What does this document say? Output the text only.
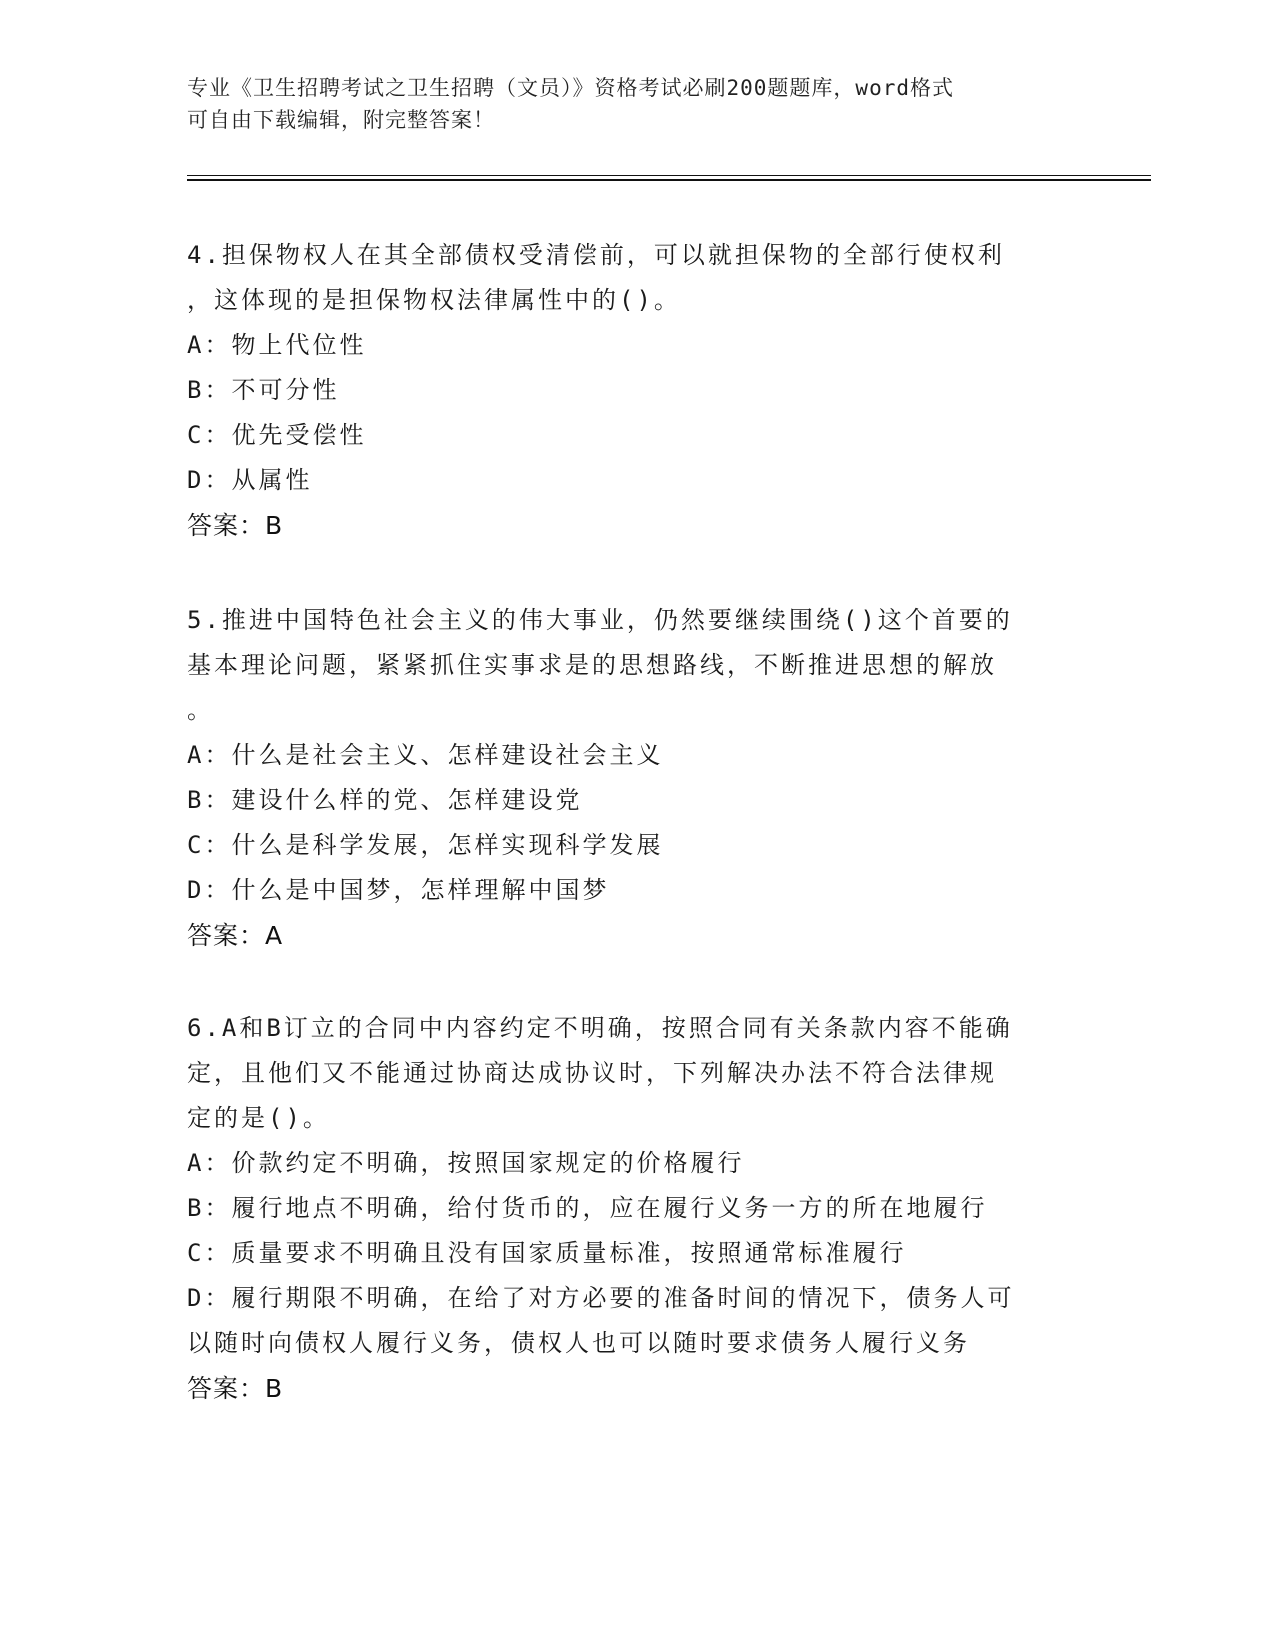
专业《卫生招聘考试之卫生招聘（文员）》资格考试必刷200题题库，word格式
可自由下载编辑，附完整答案！
4.担保物权人在其全部债权受清偿前，可以就担保物的全部行使权利
，这体现的是担保物权法律属性中的()。
A：物上代位性
B：不可分性
C：优先受偿性
D：从属性
答案：B
5.推进中国特色社会主义的伟大事业，仍然要继续围绕()这个首要的
基本理论问题，紧紧抓住实事求是的思想路线，不断推进思想的解放
。
A：什么是社会主义、怎样建设社会主义
B：建设什么样的党、怎样建设党
C：什么是科学发展，怎样实现科学发展
D：什么是中国梦，怎样理解中国梦
答案：A
6.A和B订立的合同中内容约定不明确，按照合同有关条款内容不能确
定，且他们又不能通过协商达成协议时，下列解决办法不符合法律规
定的是()。
A：价款约定不明确，按照国家规定的价格履行
B：履行地点不明确，给付货币的，应在履行义务一方的所在地履行
C：质量要求不明确且没有国家质量标准，按照通常标准履行
D：履行期限不明确，在给了对方必要的准备时间的情况下，债务人可
以随时向债权人履行义务，债权人也可以随时要求债务人履行义务
答案：B
